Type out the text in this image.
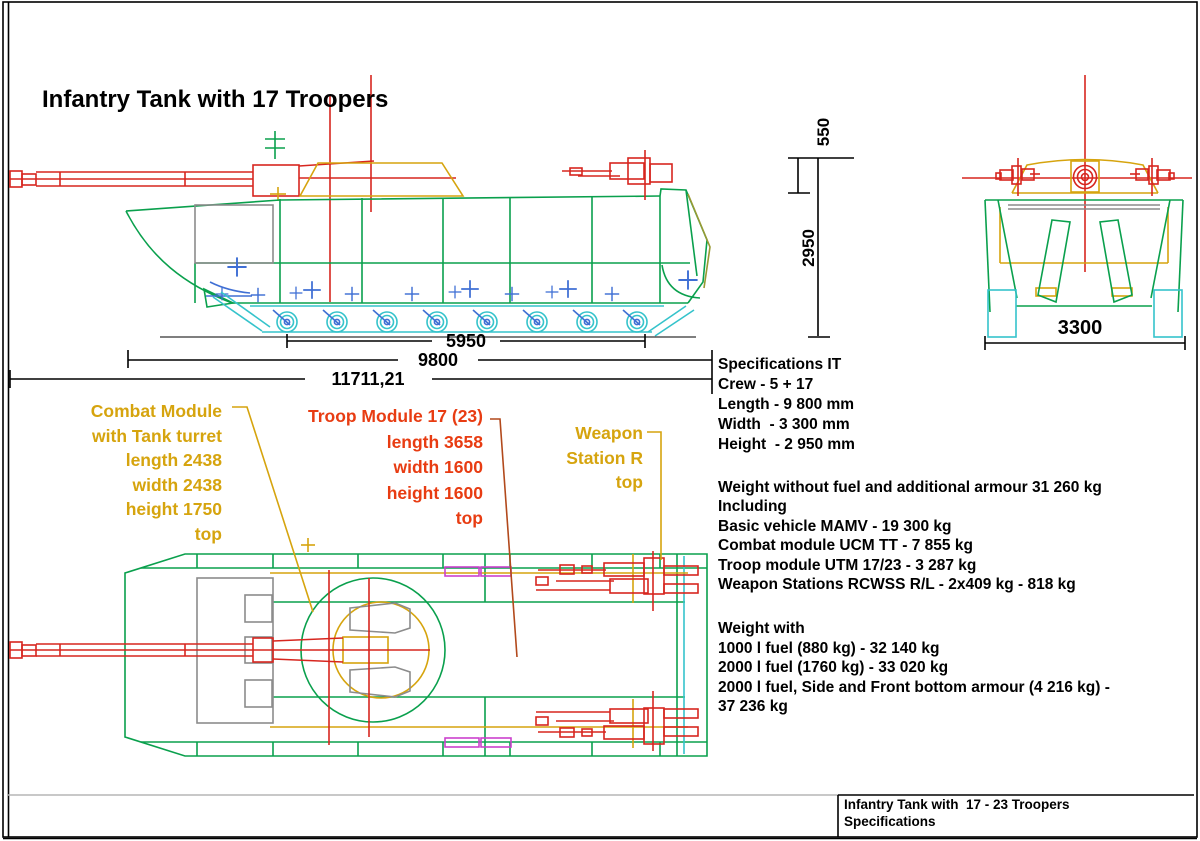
Infantry Tank with 17 Troopers
5950
9800
11711,21
3300
550
2950
Combat Module
with Tank turret
length 2438
width 2438
height 1750
top
Troop Module 17 (23)
length 3658
width 1600
height 1600
top
Weapon
Station R
top
Specifications IT
Crew - 5 + 17
Length - 9 800 mm
Width  - 3 300 mm
Height  - 2 950 mm
Weight without fuel and additional armour 31 260 kg
Including
Basic vehicle MAMV - 19 300 kg
Combat module UCM TT - 7 855 kg
Troop module UTM 17/23 - 3 287 kg
Weapon Stations RCWSS R/L - 2x409 kg - 818 kg
Weight with
1000 l fuel (880 kg) - 32 140 kg
2000 l fuel (1760 kg) - 33 020 kg
2000 l fuel, Side and Front bottom armour (4 216 kg) -
37 236 kg
Infantry Tank with  17 - 23 Troopers
Specifications
